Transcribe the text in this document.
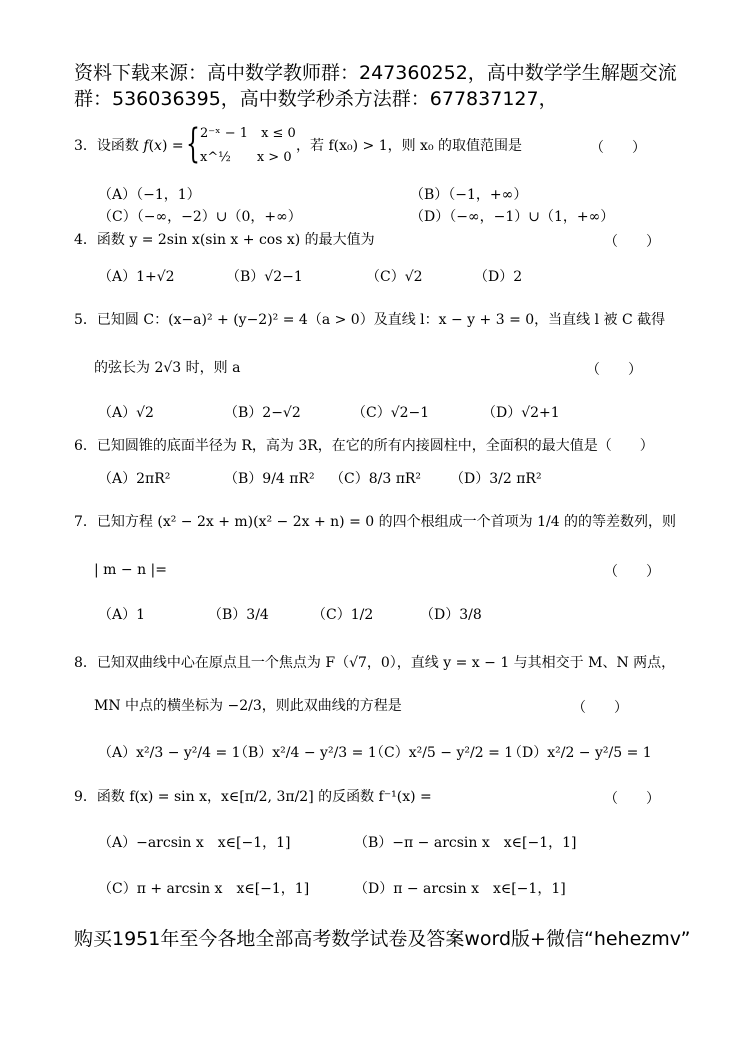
资料下载来源：高中数学教师群：247360252，高中数学学生解题交流群：536036395，高中数学秒杀方法群：677837127，
3．设函数 f(x) = { 2⁻ˣ − 1　x ≤ 0
x^½　　x > 0
，若 f(x₀) > 1，则 x₀ 的取值范围是	（　　）
（A）（−1，1）	（B）（−1，+∞）
（C）（−∞，−2）∪（0，+∞）	（D）（−∞，−1）∪（1，+∞）
4．函数 y = 2sin x(sin x + cos x) 的最大值为	（　　）
（A）1+√2	（B）√2−1	（C）√2	（D）2
5．已知圆 C：(x−a)² + (y−2)² = 4（a > 0）及直线 l：x − y + 3 = 0，当直线 l 被 C 截得
的弦长为 2√3 时，则 a	（　　）
（A）√2	（B）2−√2	（C）√2−1	（D）√2+1
6．已知圆锥的底面半径为 R，高为 3R，在它的所有内接圆柱中，全面积的最大值是（　　）
（A）2πR²	（B）9/4 πR² （C）8/3 πR² （D）3/2 πR²
7．已知方程 (x² − 2x + m)(x² − 2x + n) = 0 的四个根组成一个首项为 1/4 的的等差数列，则
| m − n |=	（　　）
（A）1	（B）3/4	（C）1/2	（D）3/8
8．已知双曲线中心在原点且一个焦点为 F（√7，0），直线 y = x − 1 与其相交于 M、N 两点，
MN 中点的横坐标为 −2/3，则此双曲线的方程是	（　　）
（A）x²/3 − y²/4 = 1
（B）x²/4 − y²/3 = 1
（C）x²/5 − y²/2 = 1
（D）x²/2 − y²/5 = 1
9．函数 f(x) = sin x，x∈[π/2, 3π/2] 的反函数 f⁻¹(x) =	（　　）
（A）−arcsin x　x∈[−1，1]	（B）−π − arcsin x　x∈[−1，1]
（C）π + arcsin x　x∈[−1，1]	（D）π − arcsin x　x∈[−1，1]
购买1951年至今各地全部高考数学试卷及答案word版+微信“hehezmv”
